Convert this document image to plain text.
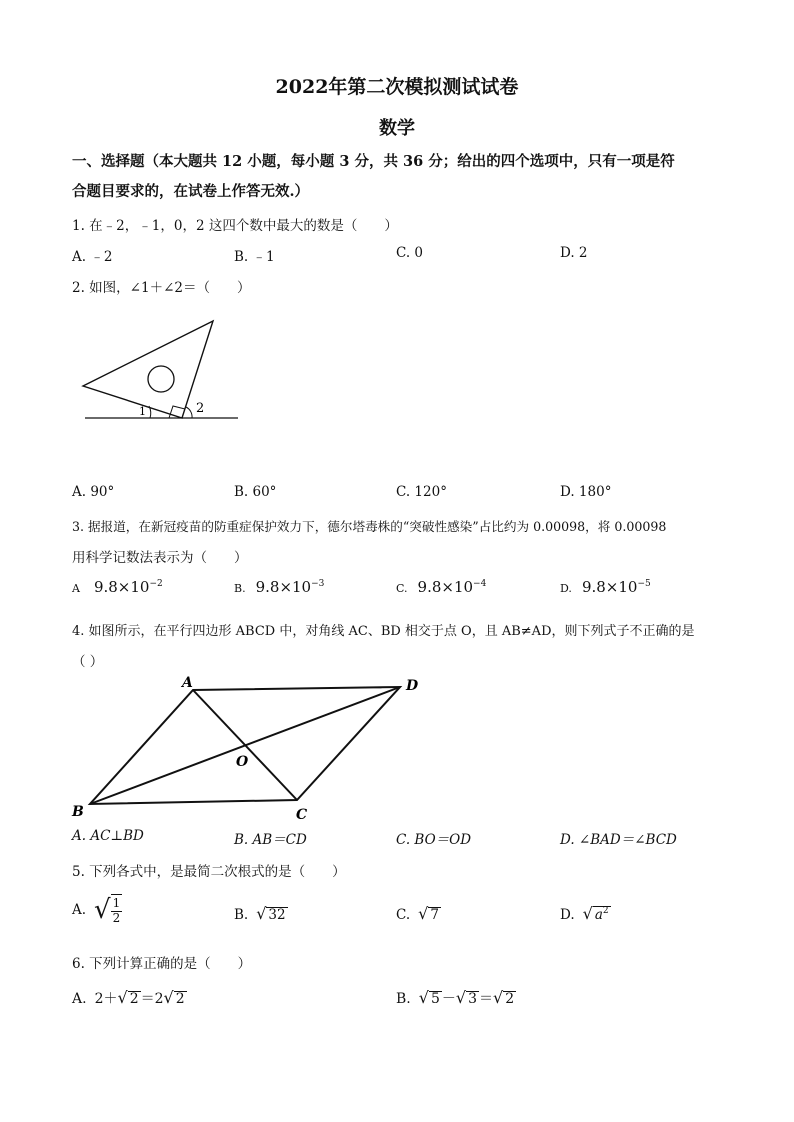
2022年第二次模拟测试试卷
数学
一、选择题（本大题共 12 小题，每小题 3 分，共 36 分；给出的四个选项中，只有一项是符
合题目要求的，在试卷上作答无效.）
1. 在﹣2，﹣1，0，2 这四个数中最大的数是（　　）
A. ﹣2	B. ﹣1	C. 0	D. 2
2. 如图，∠1＋∠2＝（　　）
1	2
A. 90°	B. 60°	C. 120°	D. 180°
3. 据报道，在新冠疫苗的防重症保护效力下，德尔塔毒株的“突破性感染”占比约为 0.00098，将 0.00098
用科学记数法表示为（　　）
A $9.8\times 10^{-2}$	B. $9.8\times 10^{-3}$	C. $9.8\times 10^{-4}$	D. $9.8\times 10^{-5}$
4. 如图所示，在平行四边形 ABCD 中，对角线 AC、BD 相交于点 O，且 AB≠AD，则下列式子不正确的是
（ ）
A	D
B	C
O
A. AC⊥BD	B. AB＝CD	C. BO＝OD	D. ∠BAD＝∠BCD
5. 下列各式中，是最简二次根式的是（　　）
A. √ $\frac{1}{2}$	B. √ 32	C. √ 7	D. √ $a^2$
6. 下列计算正确的是（　　）
A. 2＋√ 2 ＝2√ 2	B. √ 5 －√ 3 ＝√ 2
